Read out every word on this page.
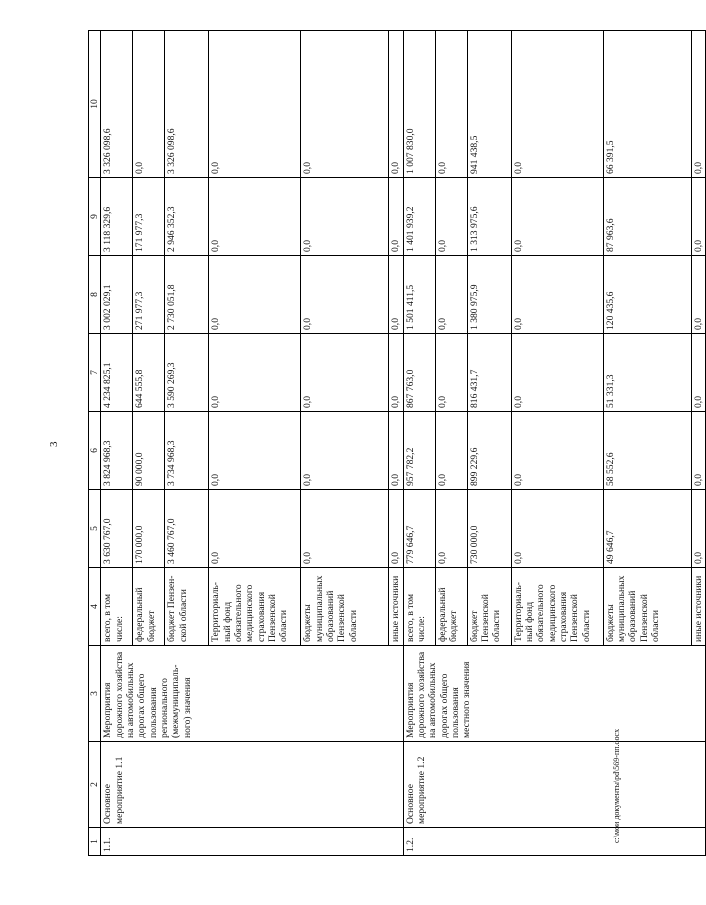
3
1	2	3	4	5	6	7	8	9	10
1.1.	Основное мероприятие 1.1	Мероприятия дорожного хозяйства на автомобильных дорогах общего пользования регионального (межмуниципаль-ного) значения	всего, в том числе:	3 630 767,0	3 824 968,3	4 234 825,1	3 002 029,1	3 118 329,6	3 326 098,6
			федеральный бюджет	170 000,0	90 000,0	644 555,8	271 977,3	171 977,3	0,0
			бюджет Пензен-ской области	3 460 767,0	3 734 968,3	3 590 269,3	2 730 051,8	2 946 352,3	3 326 098,6
			Территориаль-ный фонд обязательного медицинского страхования Пензенской области	0,0	0,0	0,0	0,0	0,0	0,0
			бюджеты муниципальных образований Пензенской области	0,0	0,0	0,0	0,0	0,0	0,0
			иные источники	0,0	0,0	0,0	0,0	0,0	0,0
1.2.	Основное мероприятие 1.2	Мероприятия дорожного хозяйства на автомобильных дорогах общего пользования местного значения	всего, в том числе:	779 646,7	957 782,2	867 763,0	1 501 411,5	1 401 939,2	1 007 830,0
			федеральный бюджет	0,0	0,0	0,0	0,0	0,0	0,0
			бюджет Пензенской области	730 000,0	899 229,6	816 431,7	1 380 975,9	1 313 975,6	941 438,5
			Территориаль-ный фонд обязательного медицинского страхования Пензенской области	0,0	0,0	0,0	0,0	0,0	0,0
			бюджеты муниципальных образований Пензенской области	49 646,7	58 552,6	51 331,3	120 435,6	87 963,6	66 391,5
			иные источники	0,0	0,0	0,0	0,0	0,0	0,0
c:\мои документы\pd\569-пп.docx
